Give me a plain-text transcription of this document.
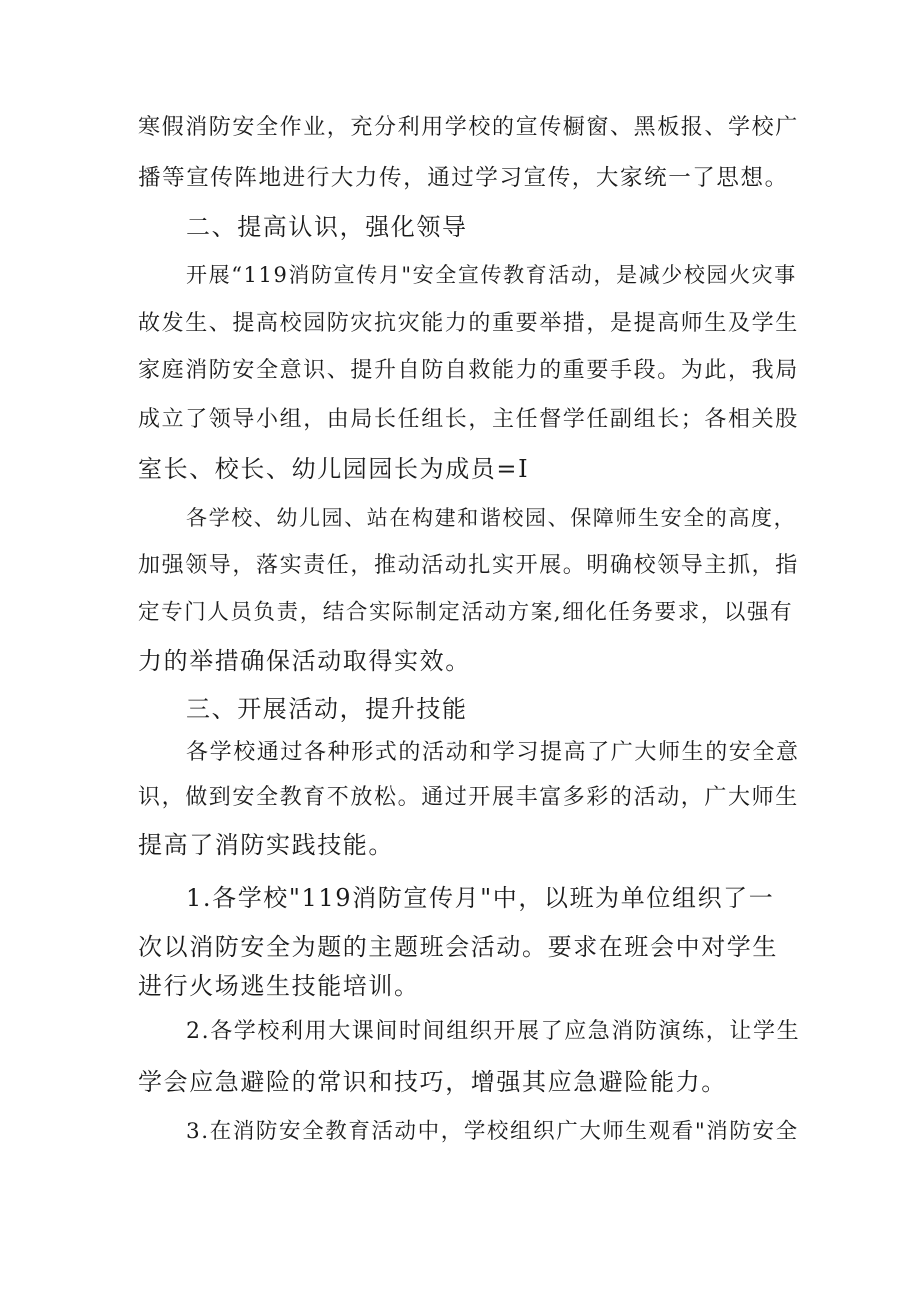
寒假消防安全作业，充分利用学校的宣传橱窗、黑板报、学校广
播等宣传阵地进行大力传，通过学习宣传，大家统一了思想。
二、提高认识，强化领导
开展“119消防宣传月"安全宣传教育活动，是减少校园火灾事
故发生、提高校园防灾抗灾能力的重要举措，是提高师生及学生
家庭消防安全意识、提升自防自救能力的重要手段。为此，我局
成立了领导小组，由局长任组长，主任督学任副组长；各相关股
室长、校长、幼儿园园长为成员=I
各学校、幼儿园、站在构建和谐校园、保障师生安全的高度，
加强领导，落实责任，推动活动扎实开展。明确校领导主抓，指
定专门人员负责，结合实际制定活动方案,细化任务要求，以强有
力的举措确保活动取得实效。
三、开展活动，提升技能
各学校通过各种形式的活动和学习提高了广大师生的安全意
识，做到安全教育不放松。通过开展丰富多彩的活动，广大师生
提高了消防实践技能。
1.各学校"119消防宣传月"中，以班为单位组织了一
次以消防安全为题的主题班会活动。要求在班会中对学生
进行火场逃生技能培训。
2.各学校利用大课间时间组织开展了应急消防演练，让学生
学会应急避险的常识和技巧，增强其应急避险能力。
3.在消防安全教育活动中，学校组织广大师生观看"消防安全
